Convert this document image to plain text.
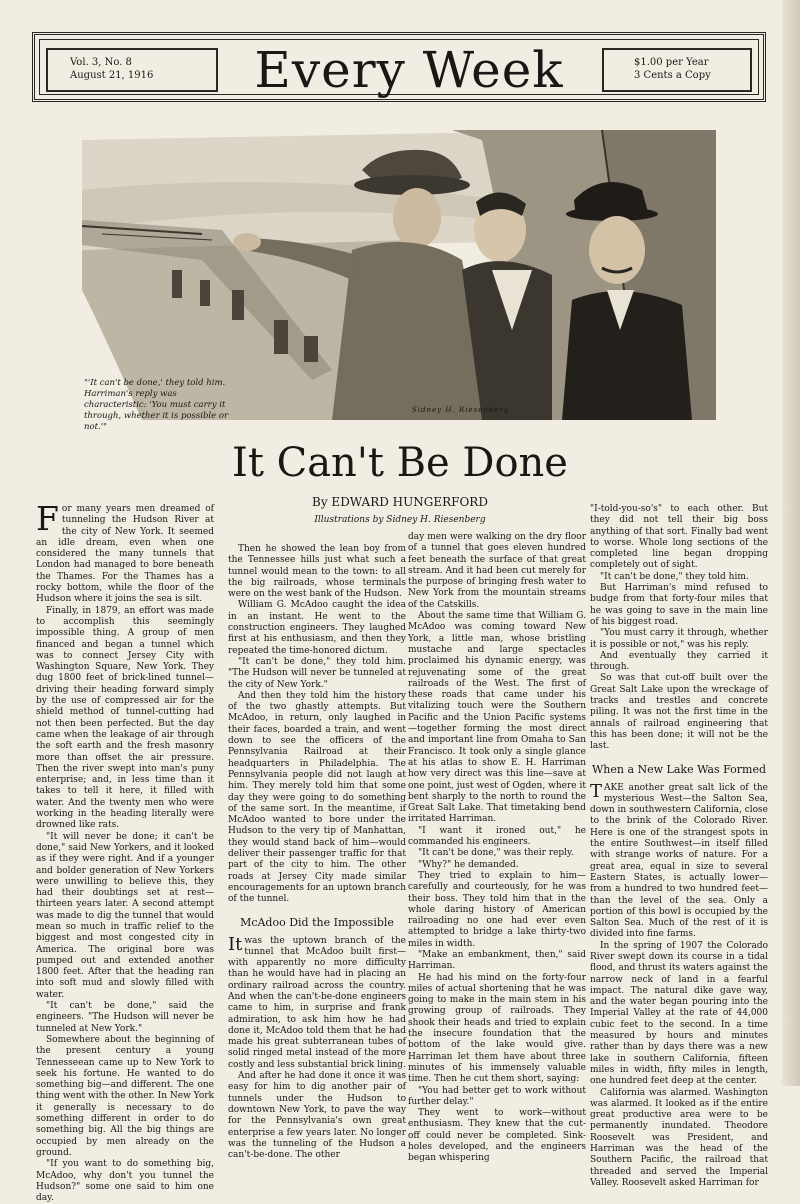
Vol. 3, No. 8
August 21, 1916	Every Week	$1.00 per Year
3 Cents a Copy
"'It can't be done,' they told him. Harriman's reply was characteristic: 'You must carry it through, whether it is possible or not.'"
Sidney H. Riesenberg
It Can't Be Done
By EDWARD HUNGERFORD
Illustrations by Sidney H. Riesenberg

For many years men dreamed of tunneling the Hudson River at the city of New York. It seemed an idle dream, even when one considered the many tunnels that London had managed to bore beneath the Thames. For the Thames has a rocky bottom, while the floor of the Hudson where it joins the sea is silt.

Finally, in 1879, an effort was made to accomplish this seemingly impossible thing. A group of men financed and began a tunnel which was to connect Jersey City with Washington Square, New York. They dug 1800 feet of brick-lined tunnel—driving their heading forward simply by the use of compressed air for the shield method of tunnel-cutting had not then been perfected. But the day came when the leakage of air through the soft earth and the fresh masonry more than offset the air pressure. Then the river swept into man's puny enterprise; and, in less time than it takes to tell it here, it filled with water. And the twenty men who were working in the heading literally were drowned like rats.

"It will never be done; it can't be done," said New Yorkers, and it looked as if they were right. And if a younger and bolder generation of New Yorkers were unwilling to believe this, they had their doubtings set at rest—thirteen years later. A second attempt was made to dig the tunnel that would mean so much in traffic relief to the biggest and most congested city in America. The original bore was pumped out and extended another 1800 feet. After that the heading ran into soft mud and slowly filled with water.

"It can't be done," said the engineers. "The Hudson will never be tunneled at New York."

Somewhere about the beginning of the present century a young Tennesseean came up to New York to seek his fortune. He wanted to do something big—and different. The one thing went with the other. In New York it generally is necessary to do something different in order to do something big. All the big things are occupied by men already on the ground.

"If you want to do something big, McAdoo, why don't you tunnel the Hudson?" some one said to him one day.

Then he showed the lean boy from the Tennessee hills just what such a tunnel would mean to the town: to all the big railroads, whose terminals were on the west bank of the Hudson.

William G. McAdoo caught the idea in an instant. He went to the construction engineers. They laughed first at his enthusiasm, and then they repeated the time-honored dictum.

"It can't be done," they told him. "The Hudson will never be tunneled at the city of New York."

And then they told him the history of the two ghastly attempts. But McAdoo, in return, only laughed in their faces, boarded a train, and went down to see the officers of the Pennsylvania Railroad at their headquarters in Philadelphia. The Pennsylvania people did not laugh at him. They merely told him that some day they were going to do something of the same sort. In the meantime, if McAdoo wanted to bore under the Hudson to the very tip of Manhattan, they would stand back of him—would deliver their passenger traffic for that part of the city to him. The other roads at Jersey City made similar encouragements for an uptown branch of the tunnel.

McAdoo Did the Impossible

It was the uptown branch of the tunnel that McAdoo built first—with apparently no more difficulty than he would have had in placing an ordinary railroad across the country. And when the can't-be-done engineers came to him, in surprise and frank admiration, to ask him how he had done it, McAdoo told them that he had made his great subterranean tubes of solid ringed metal instead of the more costly and less substantial brick lining.

And after he had done it once it was easy for him to dig another pair of tunnels under the Hudson to downtown New York, to pave the way for the Pennsylvania's own great enterprise a few years later. No longer was the tunneling of the Hudson a can't-be-done. The other

day men were walking on the dry floor of a tunnel that goes eleven hundred feet beneath the surface of that great stream. And it had been cut merely for the purpose of bringing fresh water to New York from the mountain streams of the Catskills.

About the same time that William G. McAdoo was coming toward New York, a little man, whose bristling mustache and large spectacles proclaimed his dynamic energy, was rejuvenating some of the great railroads of the West. The first of these roads that came under his vitalizing touch were the Southern Pacific and the Union Pacific systems—together forming the most direct and important line from Omaha to San Francisco. It took only a single glance at his atlas to show E. H. Harriman how very direct was this line—save at one point, just west of Ogden, where it bent sharply to the north to round the Great Salt Lake. That timetaking bend irritated Harriman.

"I want it ironed out," he commanded his engineers.

"It can't be done," was their reply.

"Why?" he demanded.

They tried to explain to him—carefully and courteously, for he was their boss. They told him that in the whole daring history of American railroading no one had ever even attempted to bridge a lake thirty-two miles in width.

"Make an embankment, then," said Harriman.

He had his mind on the forty-four miles of actual shortening that he was going to make in the main stem in his growing group of railroads. They shook their heads and tried to explain the insecure foundation that the bottom of the lake would give. Harriman let them have about three minutes of his immensely valuable time. Then he cut them short, saying:

"You had better get to work without further delay."

They went to work—without enthusiasm. They knew that the cut-off could never be completed. Sink-holes developed, and the engineers began whispering

"I-told-you-so's" to each other. But they did not tell their big boss anything of that sort. Finally bad went to worse. Whole long sections of the completed line began dropping completely out of sight.

"It can't be done," they told him.

But Harriman's mind refused to budge from that forty-four miles that he was going to save in the main line of his biggest road.

"You must carry it through, whether it is possible or not," was his reply.

And eventually they carried it through.

So was that cut-off built over the Great Salt Lake upon the wreckage of tracks and trestles and concrete piling. It was not the first time in the annals of railroad engineering that this has been done; it will not be the last.

When a New Lake Was Formed

TAKE another great salt lick of the mysterious West—the Salton Sea, down in southwestern California, close to the brink of the Colorado River. Here is one of the strangest spots in the entire Southwest—in itself filled with strange works of nature. For a great area, equal in size to several Eastern States, is actually lower—from a hundred to two hundred feet—than the level of the sea. Only a portion of this bowl is occupied by the Salton Sea. Much of the rest of it is divided into fine farms.

In the spring of 1907 the Colorado River swept down its course in a tidal flood, and thrust its waters against the narrow neck of land in a fearful impact. The natural dike gave way, and the water began pouring into the Imperial Valley at the rate of 44,000 cubic feet to the second. In a time measured by hours and minutes rather than by days there was a new lake in southern California, fifteen miles in width, fifty miles in length, one hundred feet deep at the center.

California was alarmed. Washington was alarmed. It looked as if the entire great productive area were to be permanently inundated. Theodore Roosevelt was President, and Harriman was the head of the Southern Pacific, the railroad that threaded and served the Imperial Valley. Roosevelt asked Harriman for
